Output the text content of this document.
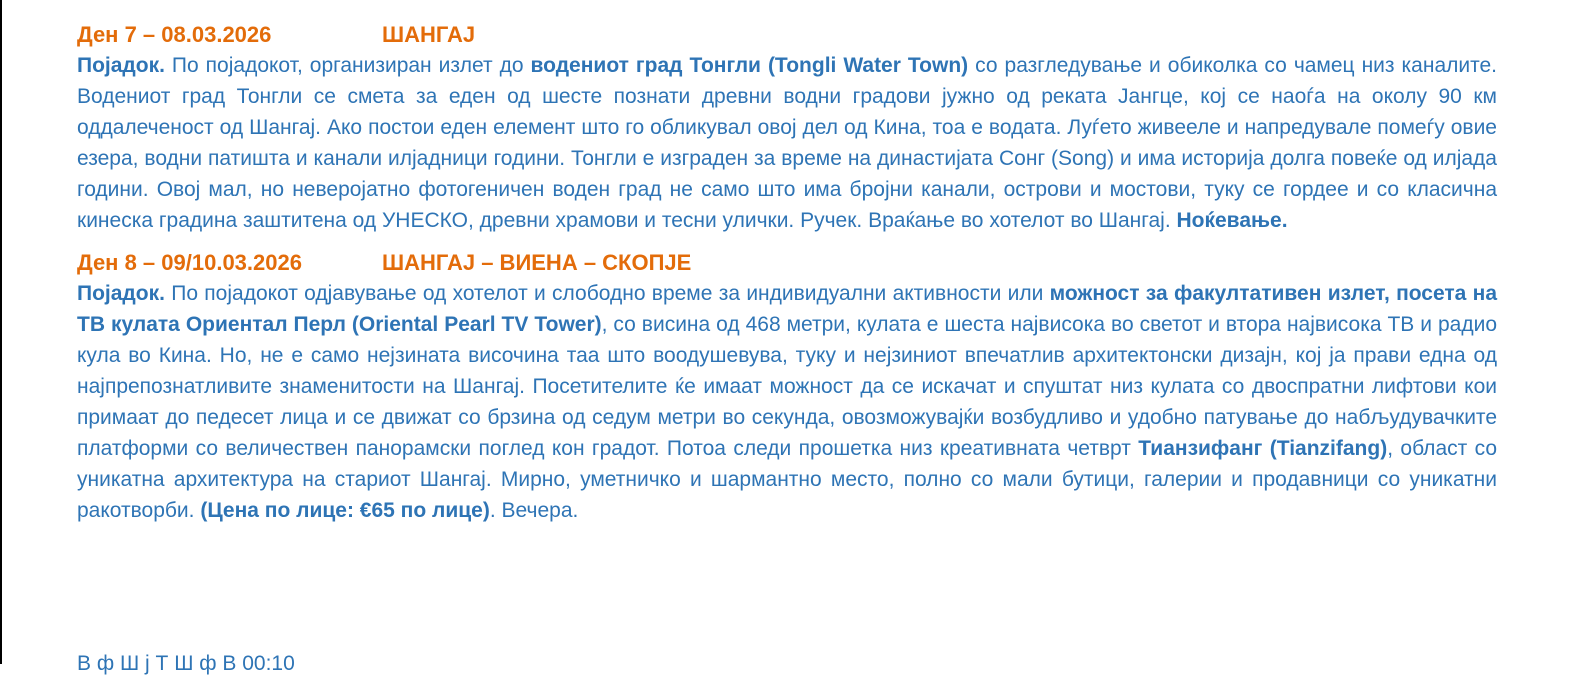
Ден 7 – 08.03.2026	ШАНГАЈ

Појадок. По појадокот, организиран излет до водениот град Тонгли (Tongli Water Town) со разгледување и обиколка со чамец низ каналите. Водениот град Тонгли се смета за еден од шесте познати древни водни градови јужно од реката Јангце, кој се наоѓа на околу 90 км оддалеченост од Шангај. Ако постои еден елемент што го обликувал овој дел од Кина, тоа е водата. Луѓето живееле и напредувале помеѓу овие езера, водни патишта и канали илјадници години. Тонгли е изграден за време на династијата Сонг (Song) и има историја долга повеќе од илјада години. Овој мал, но неверојатно фотогеничен воден град не само што има бројни канали, острови и мостови, туку се гордее и со класична кинеска градина заштитена од УНЕСКО, древни храмови и тесни улички. Ручек. Враќање во хотелот во Шангај. Ноќевање.

Ден 8 – 09/10.03.2026	ШАНГАЈ – ВИЕНА – СКОПЈЕ

Појадок. По појадокот одјавување од хотелот и слободно време за индивидуални активности или можност за факултативен излет, посета на ТВ кулата Ориентал Перл (Oriental Pearl TV Tower), со висина од 468 метри, кулата е шеста највисока во светот и втора највисока ТВ и радио кула во Кина. Но, не е само нејзината височина таа што воодушевува, туку и нејзиниот впечатлив архитектонски дизајн, кој ја прави една од најпрепознатливите знаменитости на Шангај. Посетителите ќе имаат можност да се искачат и спуштат низ кулата со двоспратни лифтови кои примаат до педесет лица и се движат со брзина од седум метри во секунда, овозможувајќи возбудливо и удобно патување до набљудувачките платформи со величествен панорамски поглед кон градот. Потоа следи прошетка низ креативната четврт Тианзифанг (Tianzifang), област со уникатна архитектура на стариот Шангај. Мирно, уметничко и шармантно место, полно со мали бутици, галерии и продавници со уникатни ракотворби. (Цена по лице: €65 по лице). Вечера.

В ф Ш ј Т Ш ф В 00:10
